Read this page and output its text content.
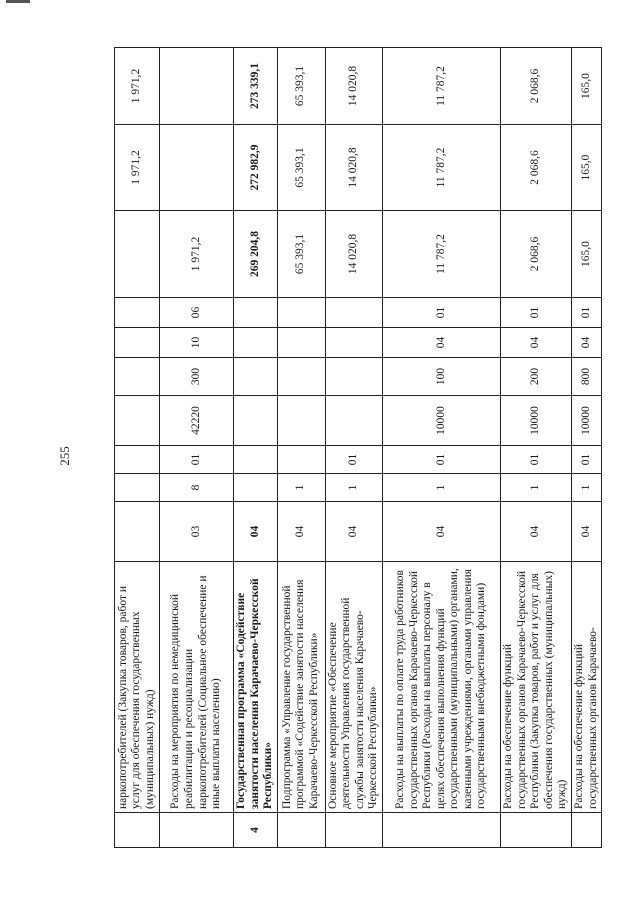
255
	наркопотребителей (Закупка товаров, работ и услуг для обеспечения государственных (муниципальных) нужд)									1 971,2	1 971,2
	Расходы на мероприятия по немедицинской реабилитации и ресоциализации наркопотребителей (Социальное обеспечение и иные выплаты населению)	03	8	01	42220	300	10	06	1 971,2		
4	Государственная программа «Содействие занятости населения Карачаево-Черкесской Республики»	04							269 204,8	272 982,9	273 339,1
	Подпрограмма «Управление государственной программой «Содействие занятости населения Карачаево-Черкесской Республики»	04	1						65 393,1	65 393,1	65 393,1
	Основное мероприятие «Обеспечение деятельности Управления государственной службы занятости населения Карачаево-Черкесской Республики»	04	1	01					14 020,8	14 020,8	14 020,8
	Расходы на выплаты по оплате труда работников государственных органов Карачаево-Черкесской Республики (Расходы на выплаты персоналу в целях обеспечения выполнения функций государственными (муниципальными) органами, казенными учреждениями, органами управления государственными внебюджетными фондами)	04	1	01	10000	100	04	01	11 787,2	11 787,2	11 787,2
	Расходы на обеспечение функций государственных органов Карачаево-Черкесской Республики (Закупка товаров, работ и услуг для обеспечения государственных (муниципальных) нужд)	04	1	01	10000	200	04	01	2 068,6	2 068,6	2 068,6
	Расходы на обеспечение функций государственных органов Карачаево-	04	1	01	10000	800	04	01	165,0	165,0	165,0
